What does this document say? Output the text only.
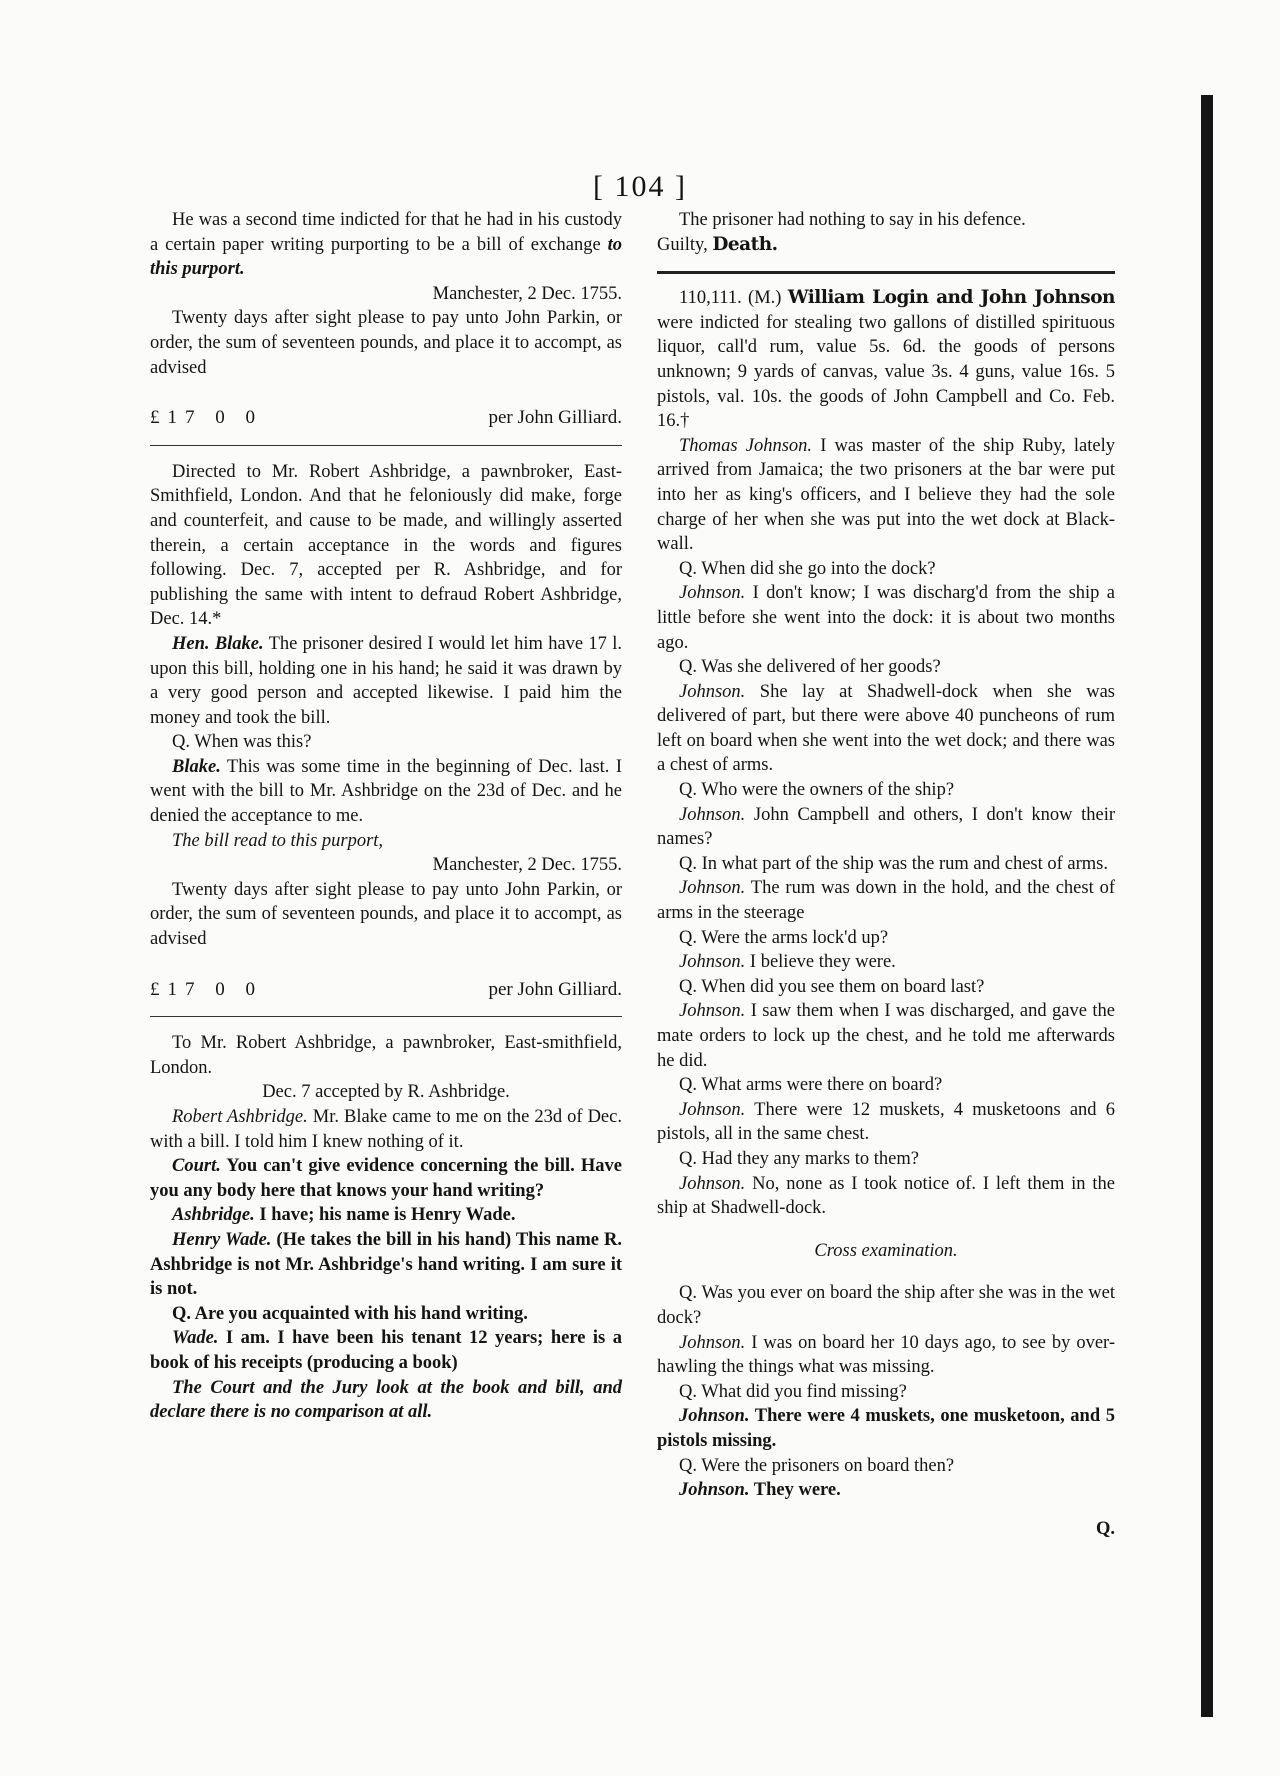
[ 104 ]

He was a second time indicted for that he had in his custody a certain paper writing purporting to be a bill of exchange to this purport.

Manchester, 2 Dec. 1755.

Twenty days after sight please to pay unto John Parkin, or order, the sum of seventeen pounds, and place it to accompt, as advised

£17 0 0	per John Gilliard.

Directed to Mr. Robert Ashbridge, a pawnbroker, East-Smithfield, London. And that he feloniously did make, forge and counterfeit, and cause to be made, and willingly asserted therein, a certain acceptance in the words and figures following. Dec. 7, accepted per R. Ashbridge, and for publishing the same with intent to defraud Robert Ashbridge, Dec. 14.*

Hen. Blake. The prisoner desired I would let him have 17 l. upon this bill, holding one in his hand; he said it was drawn by a very good person and accepted likewise. I paid him the money and took the bill.

Q. When was this?

Blake. This was some time in the beginning of Dec. last. I went with the bill to Mr. Ashbridge on the 23d of Dec. and he denied the acceptance to me.

The bill read to this purport,

Manchester, 2 Dec. 1755.

Twenty days after sight please to pay unto John Parkin, or order, the sum of seventeen pounds, and place it to accompt, as advised

£17 0 0	per John Gilliard.

To Mr. Robert Ashbridge, a pawnbroker, East-smithfield, London.

Dec. 7 accepted by R. Ashbridge.

Robert Ashbridge. Mr. Blake came to me on the 23d of Dec. with a bill. I told him I knew nothing of it.

Court. You can't give evidence concerning the bill. Have you any body here that knows your hand writing?

Ashbridge. I have; his name is Henry Wade.

Henry Wade. (He takes the bill in his hand) This name R. Ashbridge is not Mr. Ashbridge's hand writing. I am sure it is not.

Q. Are you acquainted with his hand writing.

Wade. I am. I have been his tenant 12 years; here is a book of his receipts (producing a book)

The Court and the Jury look at the book and bill, and declare there is no comparison at all.

The prisoner had nothing to say in his defence.

Guilty, Death.

110,111. (M.) William Login and John Johnson were indicted for stealing two gallons of distilled spirituous liquor, call'd rum, value 5s. 6d. the goods of persons unknown; 9 yards of canvas, value 3s. 4 guns, value 16s. 5 pistols, val. 10s. the goods of John Campbell and Co. Feb. 16.†

Thomas Johnson. I was master of the ship Ruby, lately arrived from Jamaica; the two prisoners at the bar were put into her as king's officers, and I believe they had the sole charge of her when she was put into the wet dock at Black-wall.

Q. When did she go into the dock?

Johnson. I don't know; I was discharg'd from the ship a little before she went into the dock: it is about two months ago.

Q. Was she delivered of her goods?

Johnson. She lay at Shadwell-dock when she was delivered of part, but there were above 40 puncheons of rum left on board when she went into the wet dock; and there was a chest of arms.

Q. Who were the owners of the ship?

Johnson. John Campbell and others, I don't know their names?

Q. In what part of the ship was the rum and chest of arms.

Johnson. The rum was down in the hold, and the chest of arms in the steerage

Q. Were the arms lock'd up?

Johnson. I believe they were.

Q. When did you see them on board last?

Johnson. I saw them when I was discharged, and gave the mate orders to lock up the chest, and he told me afterwards he did.

Q. What arms were there on board?

Johnson. There were 12 muskets, 4 musketoons and 6 pistols, all in the same chest.

Q. Had they any marks to them?

Johnson. No, none as I took notice of. I left them in the ship at Shadwell-dock.

Cross examination.

Q. Was you ever on board the ship after she was in the wet dock?

Johnson. I was on board her 10 days ago, to see by over-hawling the things what was missing.

Q. What did you find missing?

Johnson. There were 4 muskets, one musketoon, and 5 pistols missing.

Q. Were the prisoners on board then?

Johnson. They were.

Q.
